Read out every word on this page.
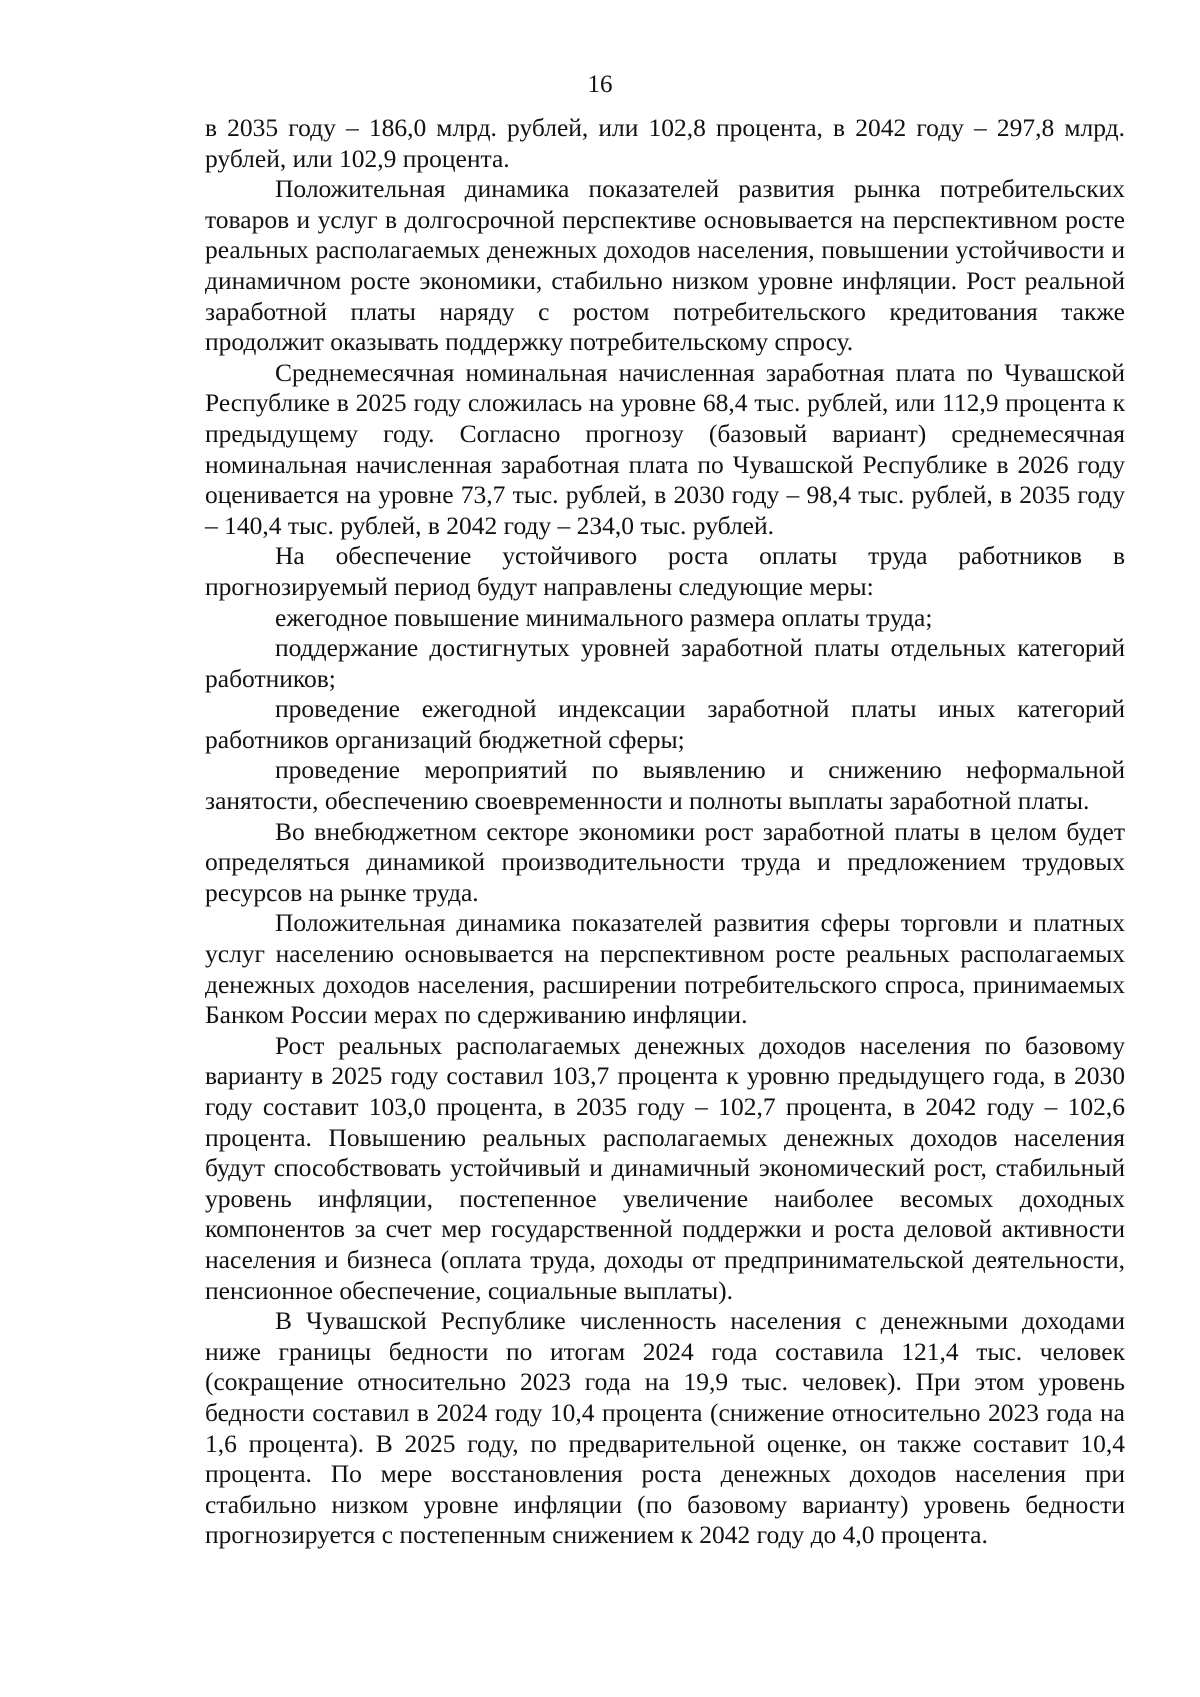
16

в 2035 году – 186,0 млрд. рублей, или 102,8 процента, в 2042 году – 297,8 млрд. рублей, или 102,9 процента.

Положительная динамика показателей развития рынка потребительских товаров и услуг в долгосрочной перспективе основывается на перспективном росте реальных располагаемых денежных доходов населения, повышении устойчивости и динамичном росте экономики, стабильно низком уровне инфляции. Рост реальной заработной платы наряду с ростом потребительского кредитования также продолжит оказывать поддержку потребительскому спросу.

Среднемесячная номинальная начисленная заработная плата по Чувашской Республике в 2025 году сложилась на уровне 68,4 тыс. рублей, или 112,9 процента к предыдущему году. Согласно прогнозу (базовый вариант) среднемесячная номинальная начисленная заработная плата по Чувашской Республике в 2026 году оценивается на уровне 73,7 тыс. рублей, в 2030 году – 98,4 тыс. рублей, в 2035 году – 140,4 тыс. рублей, в 2042 году – 234,0 тыс. рублей.

На обеспечение устойчивого роста оплаты труда работников в прогнозируемый период будут направлены следующие меры:

ежегодное повышение минимального размера оплаты труда;

поддержание достигнутых уровней заработной платы отдельных категорий работников;

проведение ежегодной индексации заработной платы иных категорий работников организаций бюджетной сферы;

проведение мероприятий по выявлению и снижению неформальной занятости, обеспечению своевременности и полноты выплаты заработной платы.

Во внебюджетном секторе экономики рост заработной платы в целом будет определяться динамикой производительности труда и предложением трудовых ресурсов на рынке труда.

Положительная динамика показателей развития сферы торговли и платных услуг населению основывается на перспективном росте реальных располагаемых денежных доходов населения, расширении потребительского спроса, принимаемых Банком России мерах по сдерживанию инфляции.

Рост реальных располагаемых денежных доходов населения по базовому варианту в 2025 году составил 103,7 процента к уровню предыдущего года, в 2030 году составит 103,0 процента, в 2035 году – 102,7 процента, в 2042 году – 102,6 процента. Повышению реальных располагаемых денежных доходов населения будут способствовать устойчивый и динамичный экономический рост, стабильный уровень инфляции, постепенное увеличение наиболее весомых доходных компонентов за счет мер государственной поддержки и роста деловой активности населения и бизнеса (оплата труда, доходы от предпринимательской деятельности, пенсионное обеспечение, социальные выплаты).

В Чувашской Республике численность населения с денежными доходами ниже границы бедности по итогам 2024 года составила 121,4 тыс. человек (сокращение относительно 2023 года на 19,9 тыс. человек). При этом уровень бедности составил в 2024 году 10,4 процента (снижение относительно 2023 года на 1,6 процента). В 2025 году, по предварительной оценке, он также составит 10,4 процента. По мере восстановления роста денежных доходов населения при стабильно низком уровне инфляции (по базовому варианту) уровень бедности прогнозируется с постепенным снижением к 2042 году до 4,0 процента.
